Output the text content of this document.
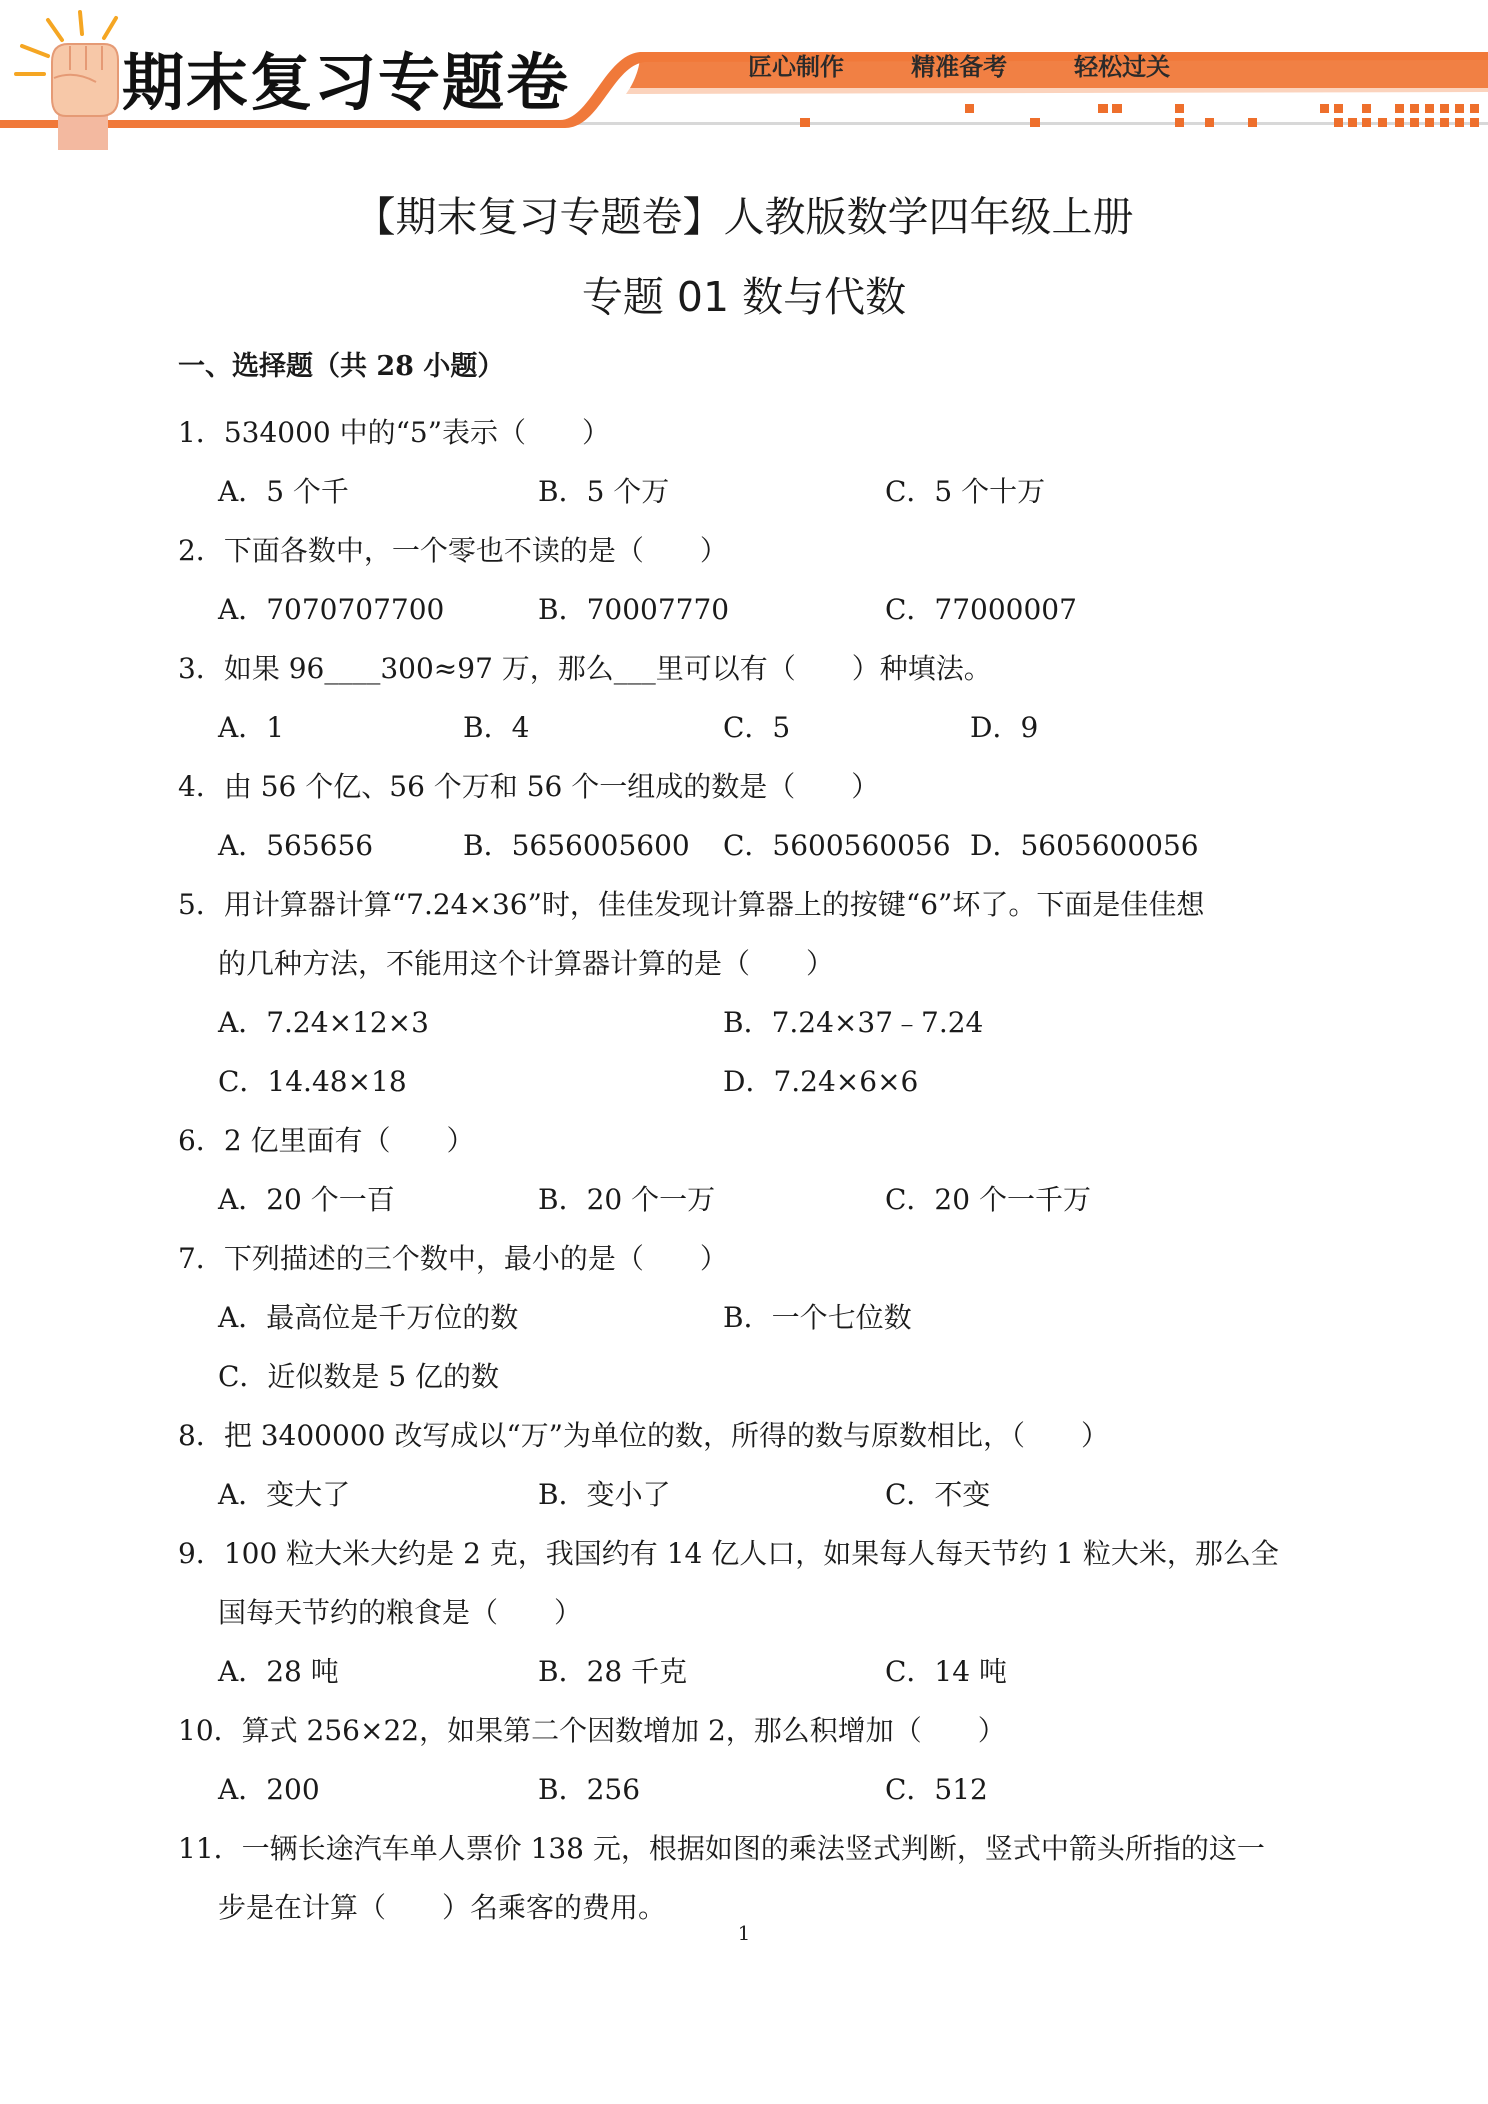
期末复习专题卷	匠心制作   精准备考   轻松过关

【期末复习专题卷】人教版数学四年级上册
专题 01 数与代数
一、选择题（共 28 小题）

1．534000 中的“5”表示（　　）

A．5 个千	B．5 个万	C．5 个十万

2．下面各数中，一个零也不读的是（　　）

A．7070707700	B．70007770	C．77000007

3．如果 96____300≈97 万，那么___里可以有（　　）种填法。

A．1	B．4	C．5	D．9

4．由 56 个亿、56 个万和 56 个一组成的数是（　　）

A．565656	B．5656005600 C．5600560056 D．5605600056

5．用计算器计算“7.24×36”时，佳佳发现计算器上的按键“6”坏了。下面是佳佳想

的几种方法，不能用这个计算器计算的是（　　）

A．7.24×12×3	B．7.24×37﹣7.24
C．14.48×18	D．7.24×6×6

6．2 亿里面有（　　）

A．20 个一百	B．20 个一万	C．20 个一千万

7．下列描述的三个数中，最小的是（　　）

A．最高位是千万位的数	B．一个七位数
C．近似数是 5 亿的数

8．把 3400000 改写成以“万”为单位的数，所得的数与原数相比，（　　）

A．变大了	B．变小了	C．不变

9．100 粒大米大约是 2 克，我国约有 14 亿人口，如果每人每天节约 1 粒大米，那么全

国每天节约的粮食是（　　）

A．28 吨	B．28 千克	C．14 吨

10．算式 256×22，如果第二个因数增加 2，那么积增加（　　）

A．200	B．256	C．512

11．一辆长途汽车单人票价 138 元，根据如图的乘法竖式判断，竖式中箭头所指的这一

步是在计算（　　）名乘客的费用。

1
